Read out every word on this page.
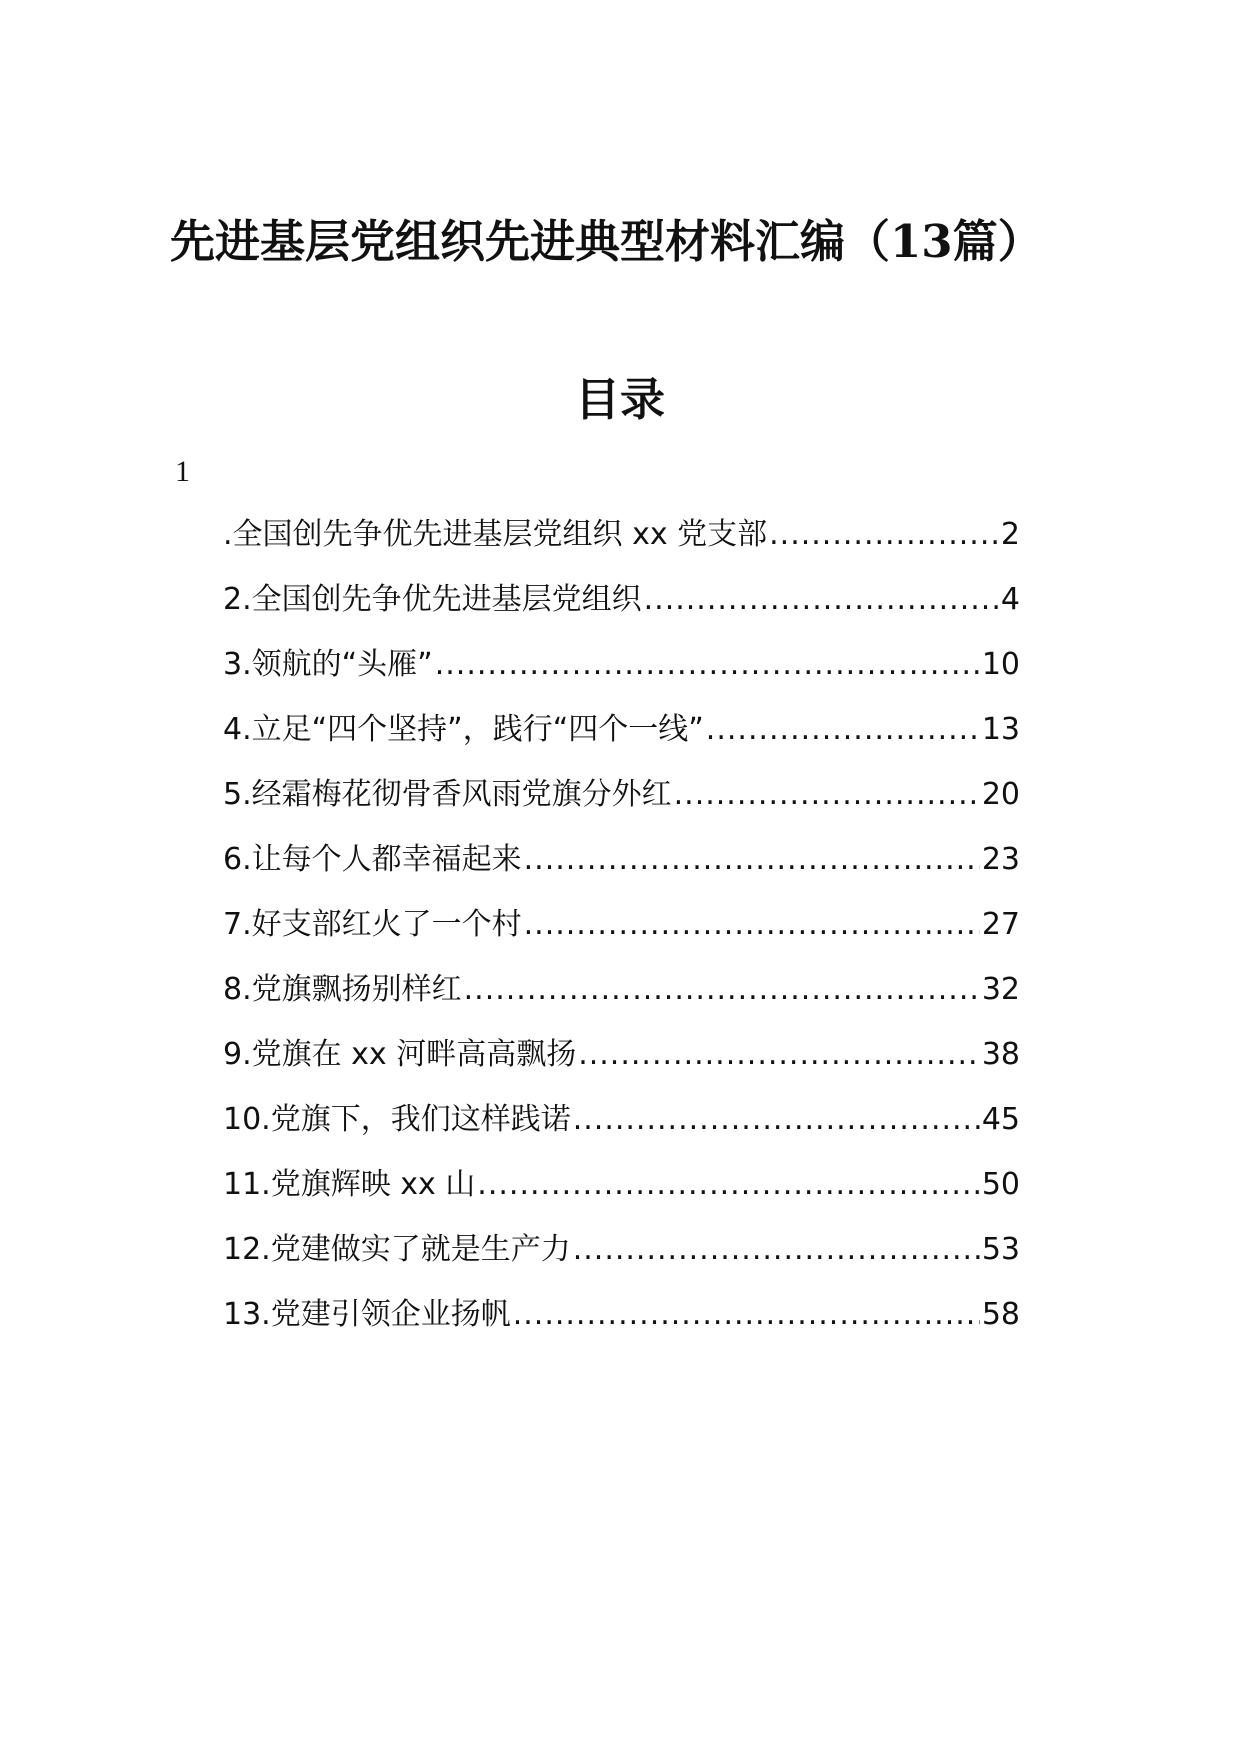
先进基层党组织先进典型材料汇编（13篇）
目录
1
.全国创先争优先进基层党组织 xx 党支部 .....	2
2.全国创先争优先进基层党组织 .....	4
3.领航的“头雁” .....	10
4.立足“四个坚持”，践行“四个一线” .....	13
5.经霜梅花彻骨香风雨党旗分外红 .....	20
6.让每个人都幸福起来 .....	23
7.好支部红火了一个村 .....	27
8.党旗飘扬别样红 .....	32
9.党旗在 xx 河畔高高飘扬 .....	38
10.党旗下，我们这样践诺 .....	45
11.党旗辉映 xx 山 .....	50
12.党建做实了就是生产力 .....	53
13.党建引领企业扬帆 .....	58
